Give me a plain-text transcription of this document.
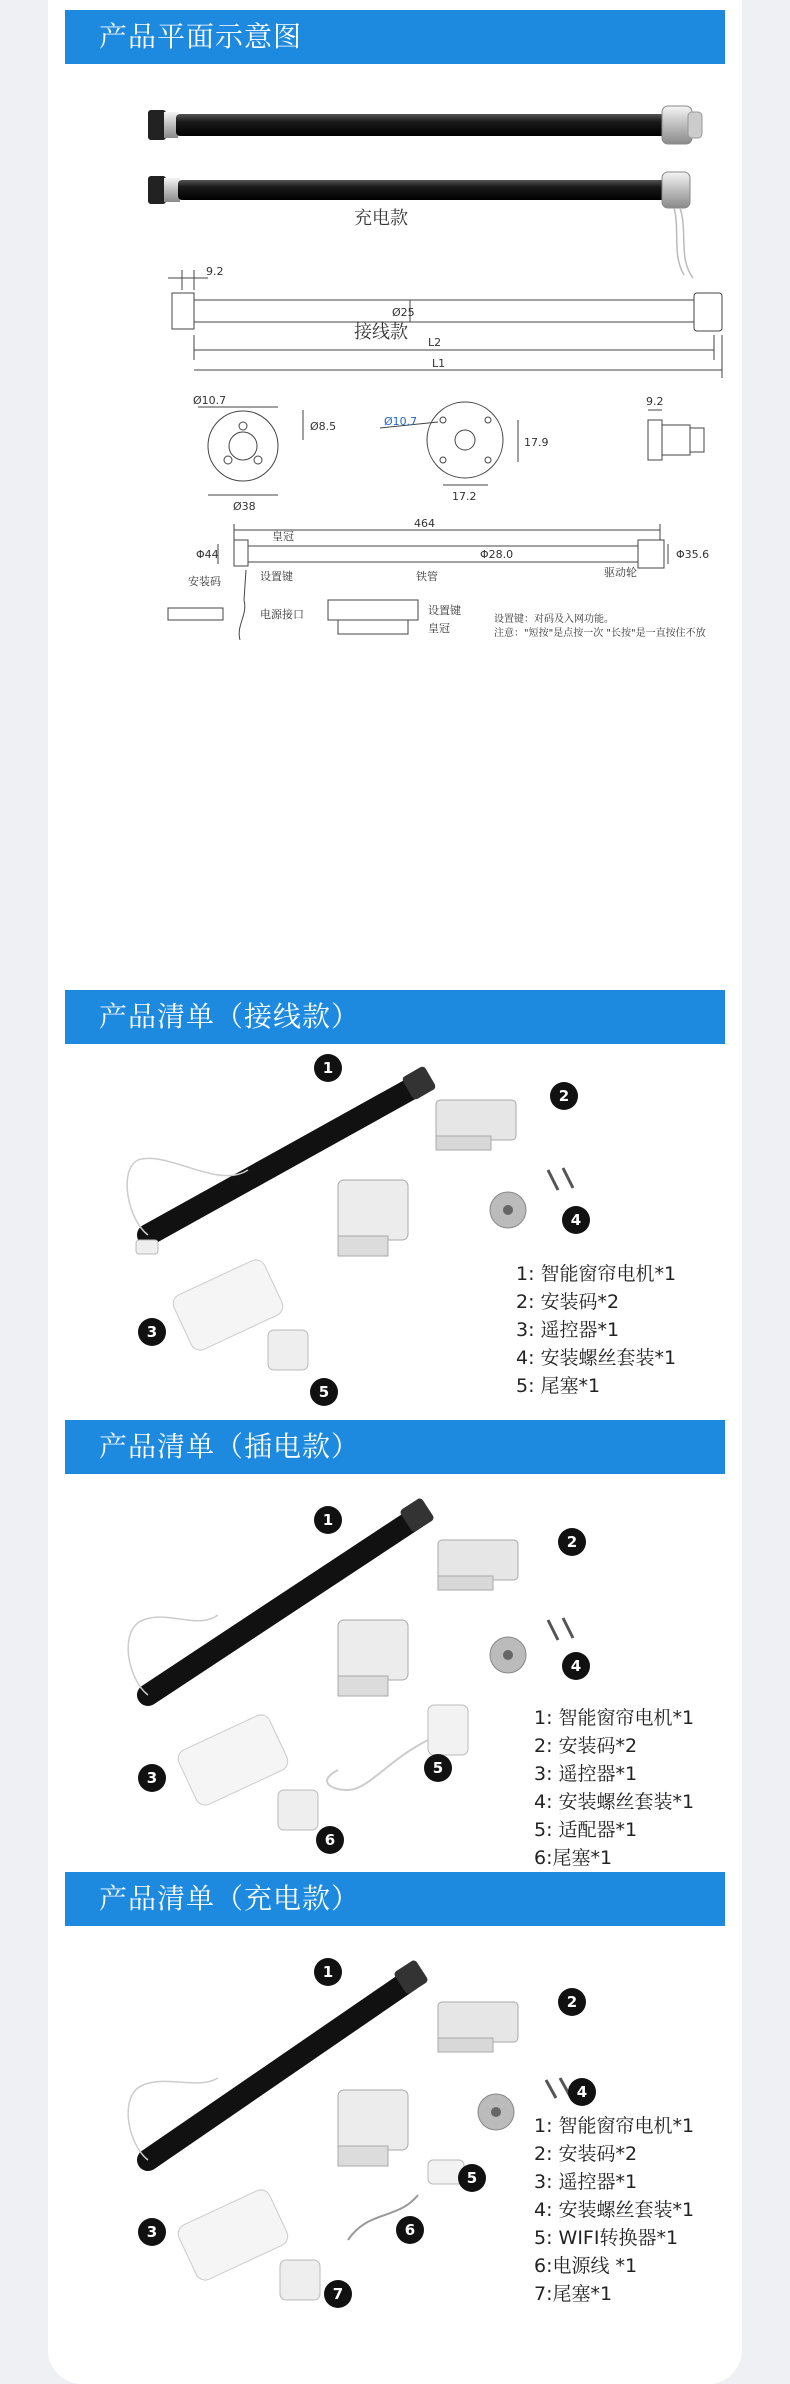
产品平面示意图
9.2
Ø25
L2
L1
Ø10.7
Ø8.5
Ø38
Ø10.7
17.9
17.2
9.2
464
Φ44	Φ28.0	Φ35.6
皇冠
安装码	设置键	铁管	驱动轮
电源接口	设置键
皇冠
设置键：对码及入网功能。
注意："短按"是点按一次 "长按"是一直按住不放
充电款
接线款
产品清单（接线款）
1
2
3
4
5
1: 智能窗帘电机*1
2: 安装码*2
3: 遥控器*1
4: 安装螺丝套装*1
5: 尾塞*1
产品清单（插电款）
1
2
3
4
5
6
1: 智能窗帘电机*1
2: 安装码*2
3: 遥控器*1
4: 安装螺丝套装*1
5: 适配器*1
6:尾塞*1
产品清单（充电款）
1
2
3
4
5
6
7
1: 智能窗帘电机*1
2: 安装码*2
3: 遥控器*1
4: 安装螺丝套装*1
5: WIFI转换器*1
6:电源线 *1
7:尾塞*1
